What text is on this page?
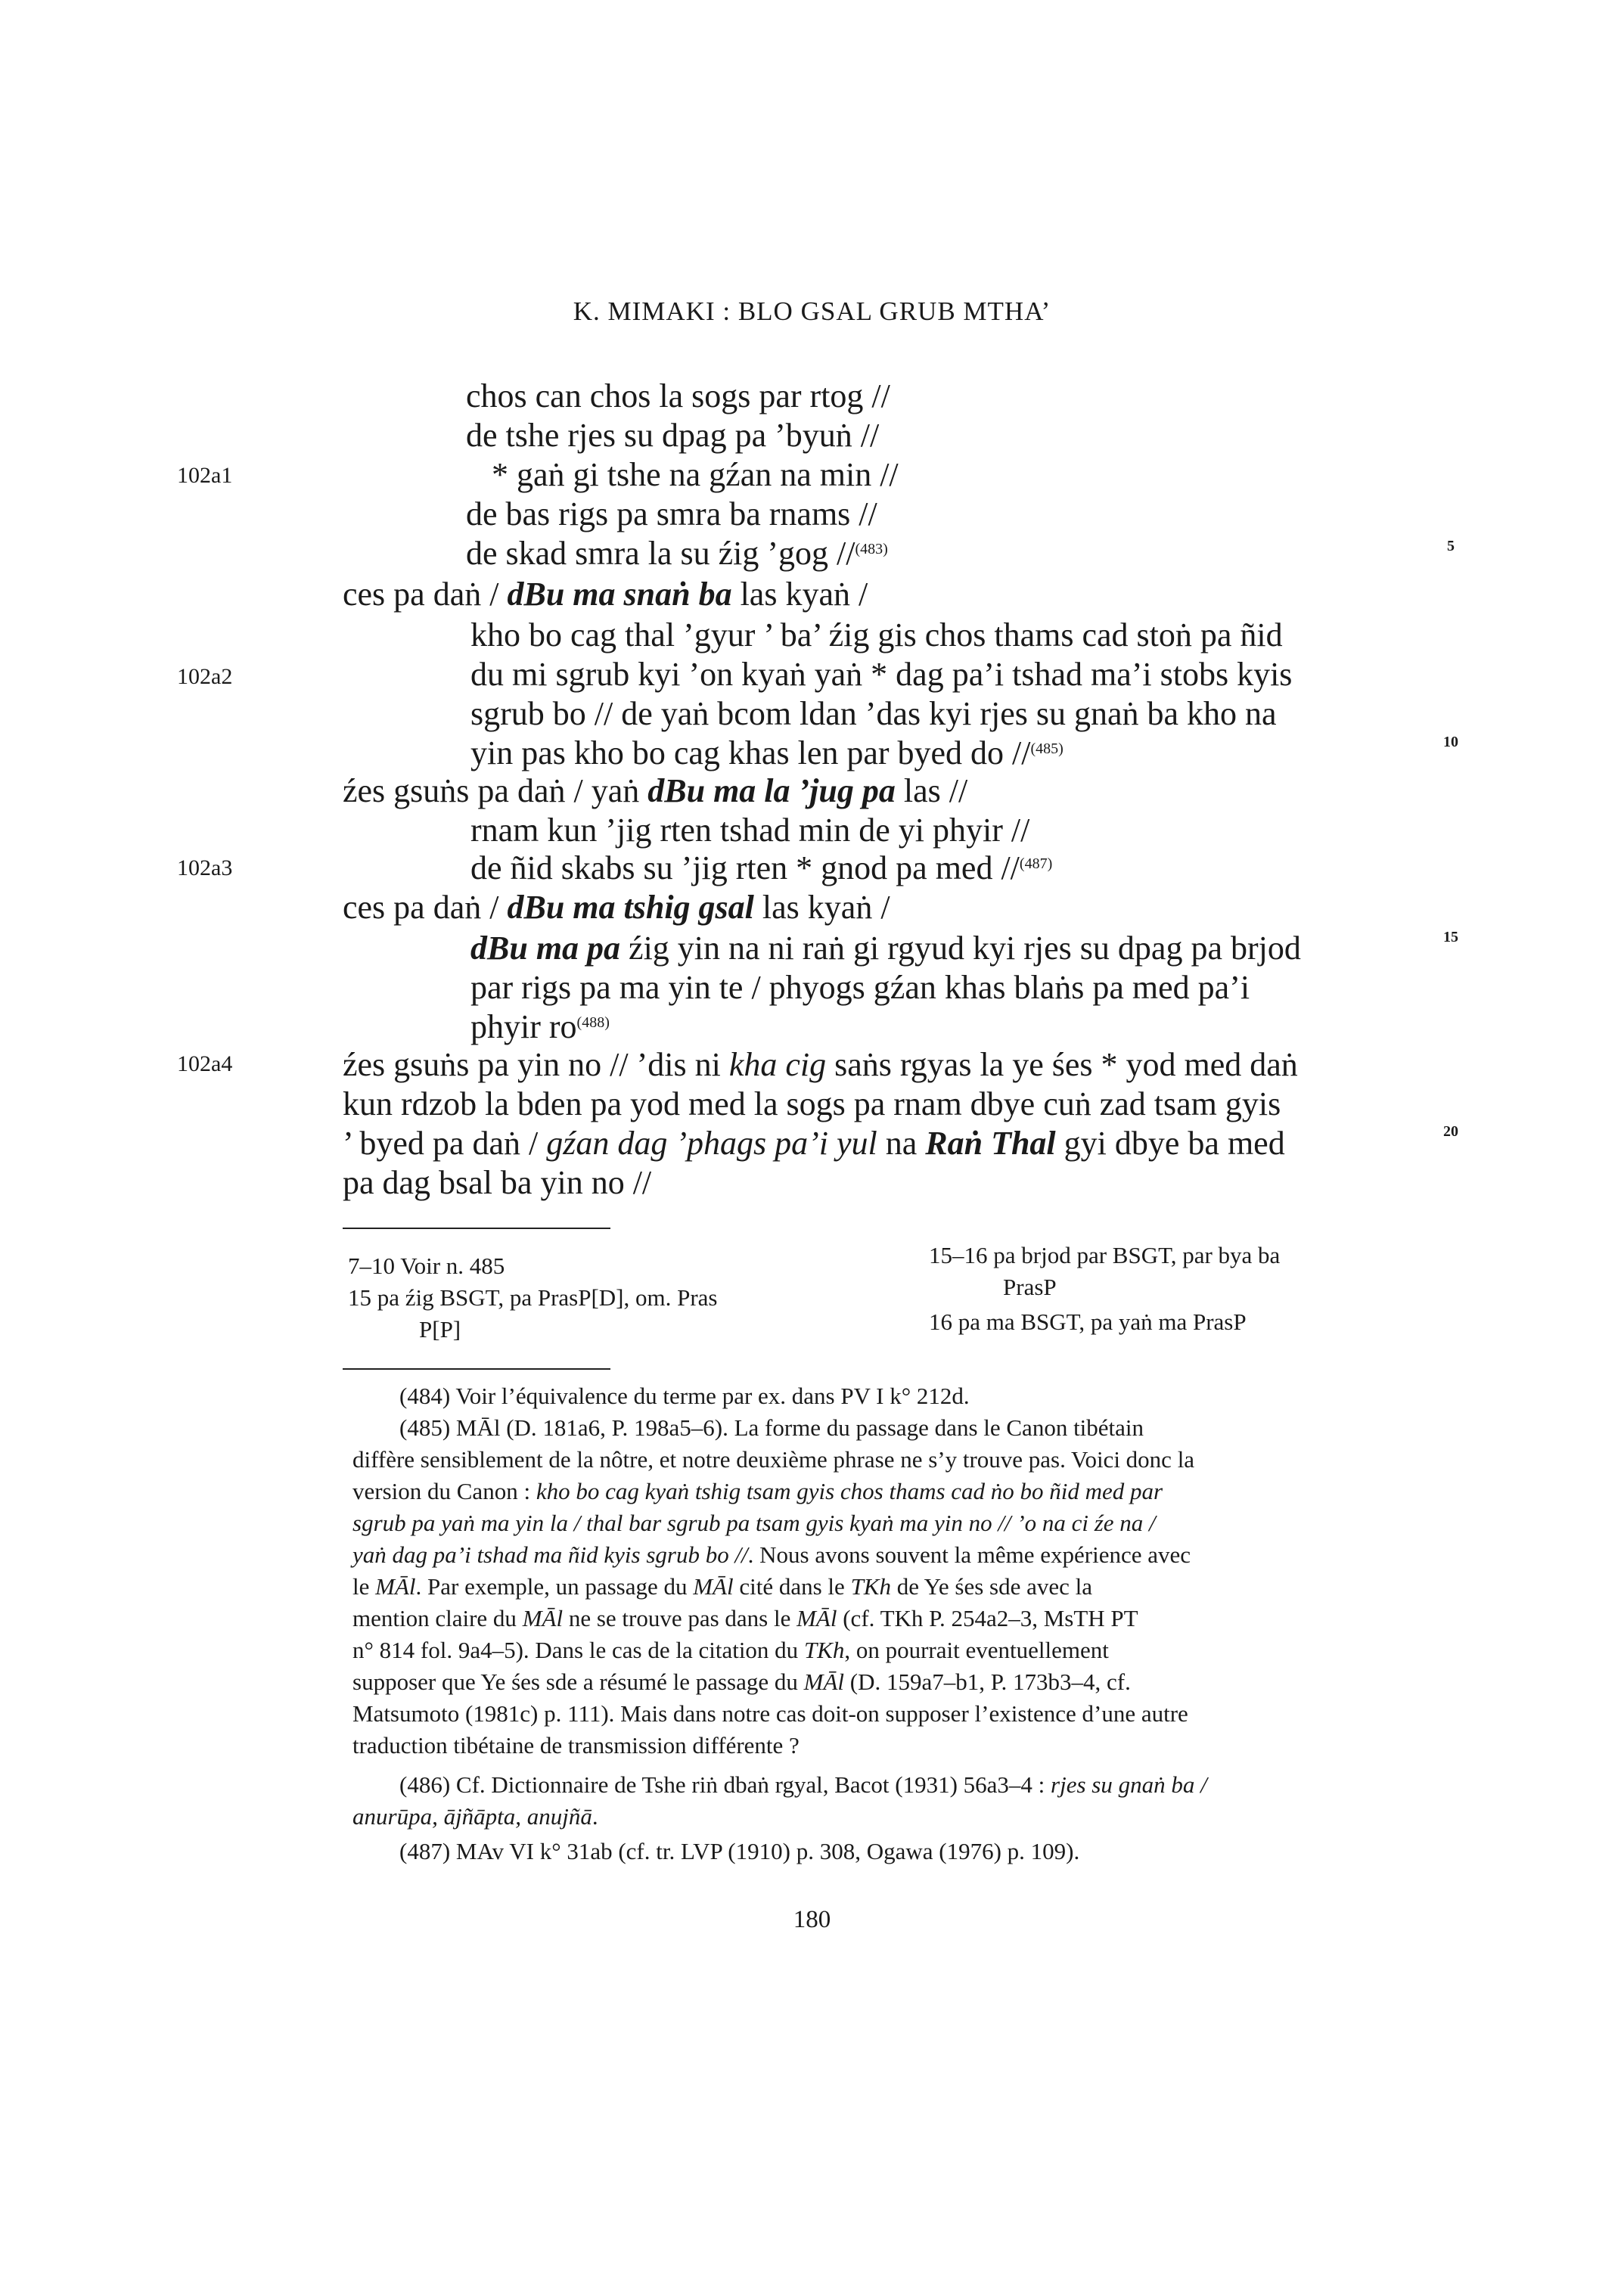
K. MIMAKI : BLO GSAL GRUB MTHA’
102a1
102a2
102a3
102a4
5
10
15
20
chos can chos la sogs par rtog //
de tshe rjes su dpag pa ’byuṅ //
* gaṅ gi tshe na gźan na min //
de bas rigs pa smra ba rnams //
de skad smra la su źig ’gog //$^{(483)}$
ces pa daṅ / dBu ma snaṅ ba las kyaṅ /
kho bo cag thal ’gyur ’ ba’ źig gis chos thams cad stoṅ pa ñid
du mi sgrub kyi ’on kyaṅ yaṅ * dag pa’i tshad ma’i stobs kyis
sgrub bo // de yaṅ bcom ldan ’das kyi rjes su gnaṅ ba kho na
yin pas kho bo cag khas len par byed do //$^{(485)}$
źes gsuṅs pa daṅ / yaṅ dBu ma la ’jug pa las //
rnam kun ’jig rten tshad min de yi phyir //
de ñid skabs su ’jig rten * gnod pa med //$^{(487)}$
ces pa daṅ / dBu ma tshig gsal las kyaṅ /
dBu ma pa źig yin na ni raṅ gi rgyud kyi rjes su dpag pa brjod
par rigs pa ma yin te / phyogs gźan khas blaṅs pa med pa’i
phyir $ro^{(488)}$
źes gsuṅs pa yin no // ’dis ni kha cig saṅs rgyas la ye śes * yod med daṅ
kun rdzob la bden pa yod med la sogs pa rnam dbye cuṅ zad tsam gyis
’ byed pa daṅ / gźan dag ’phags pa’i yul na Raṅ Thal gyi dbye ba med
pa dag bsal ba yin no //
7–10 Voir n. 485
15 pa źig BSGT, pa PrasP[D], om. Pras
P[P]
15–16 pa brjod par BSGT, par bya ba
PrasP
16 pa ma BSGT, pa yaṅ ma PrasP
(484) Voir l’équivalence du terme par ex. dans PV I k° 212d.
(485) MĀl (D. 181a6, P. 198a5–6). La forme du passage dans le Canon tibétain
diffère sensiblement de la nôtre, et notre deuxième phrase ne s’y trouve pas. Voici donc la
version du Canon : kho bo cag kyaṅ tshig tsam gyis chos thams cad ṅo bo ñid med par
sgrub pa yaṅ ma yin la / thal bar sgrub pa tsam gyis kyaṅ ma yin no // ’o na ci źe na /
yaṅ dag pa’i tshad ma ñid kyis sgrub bo //. Nous avons souvent la même expérience avec
le MĀl. Par exemple, un passage du MĀl cité dans le TKh de Ye śes sde avec la
mention claire du MĀl ne se trouve pas dans le MĀl (cf. TKh P. 254a2–3, MsTH PT
n° 814 fol. 9a4–5). Dans le cas de la citation du TKh, on pourrait eventuellement
supposer que Ye śes sde a résumé le passage du MĀl (D. 159a7–b1, P. 173b3–4, cf.
Matsumoto (1981c) p. 111). Mais dans notre cas doit-on supposer l’existence d’une autre
traduction tibétaine de transmission différente ?
(486) Cf. Dictionnaire de Tshe riṅ dbaṅ rgyal, Bacot (1931) 56a3–4 : rjes su gnaṅ ba /
anurūpa, ājñāpta, anujñā.
(487) MAv VI k° 31ab (cf. tr. LVP (1910) p. 308, Ogawa (1976) p. 109).
180
